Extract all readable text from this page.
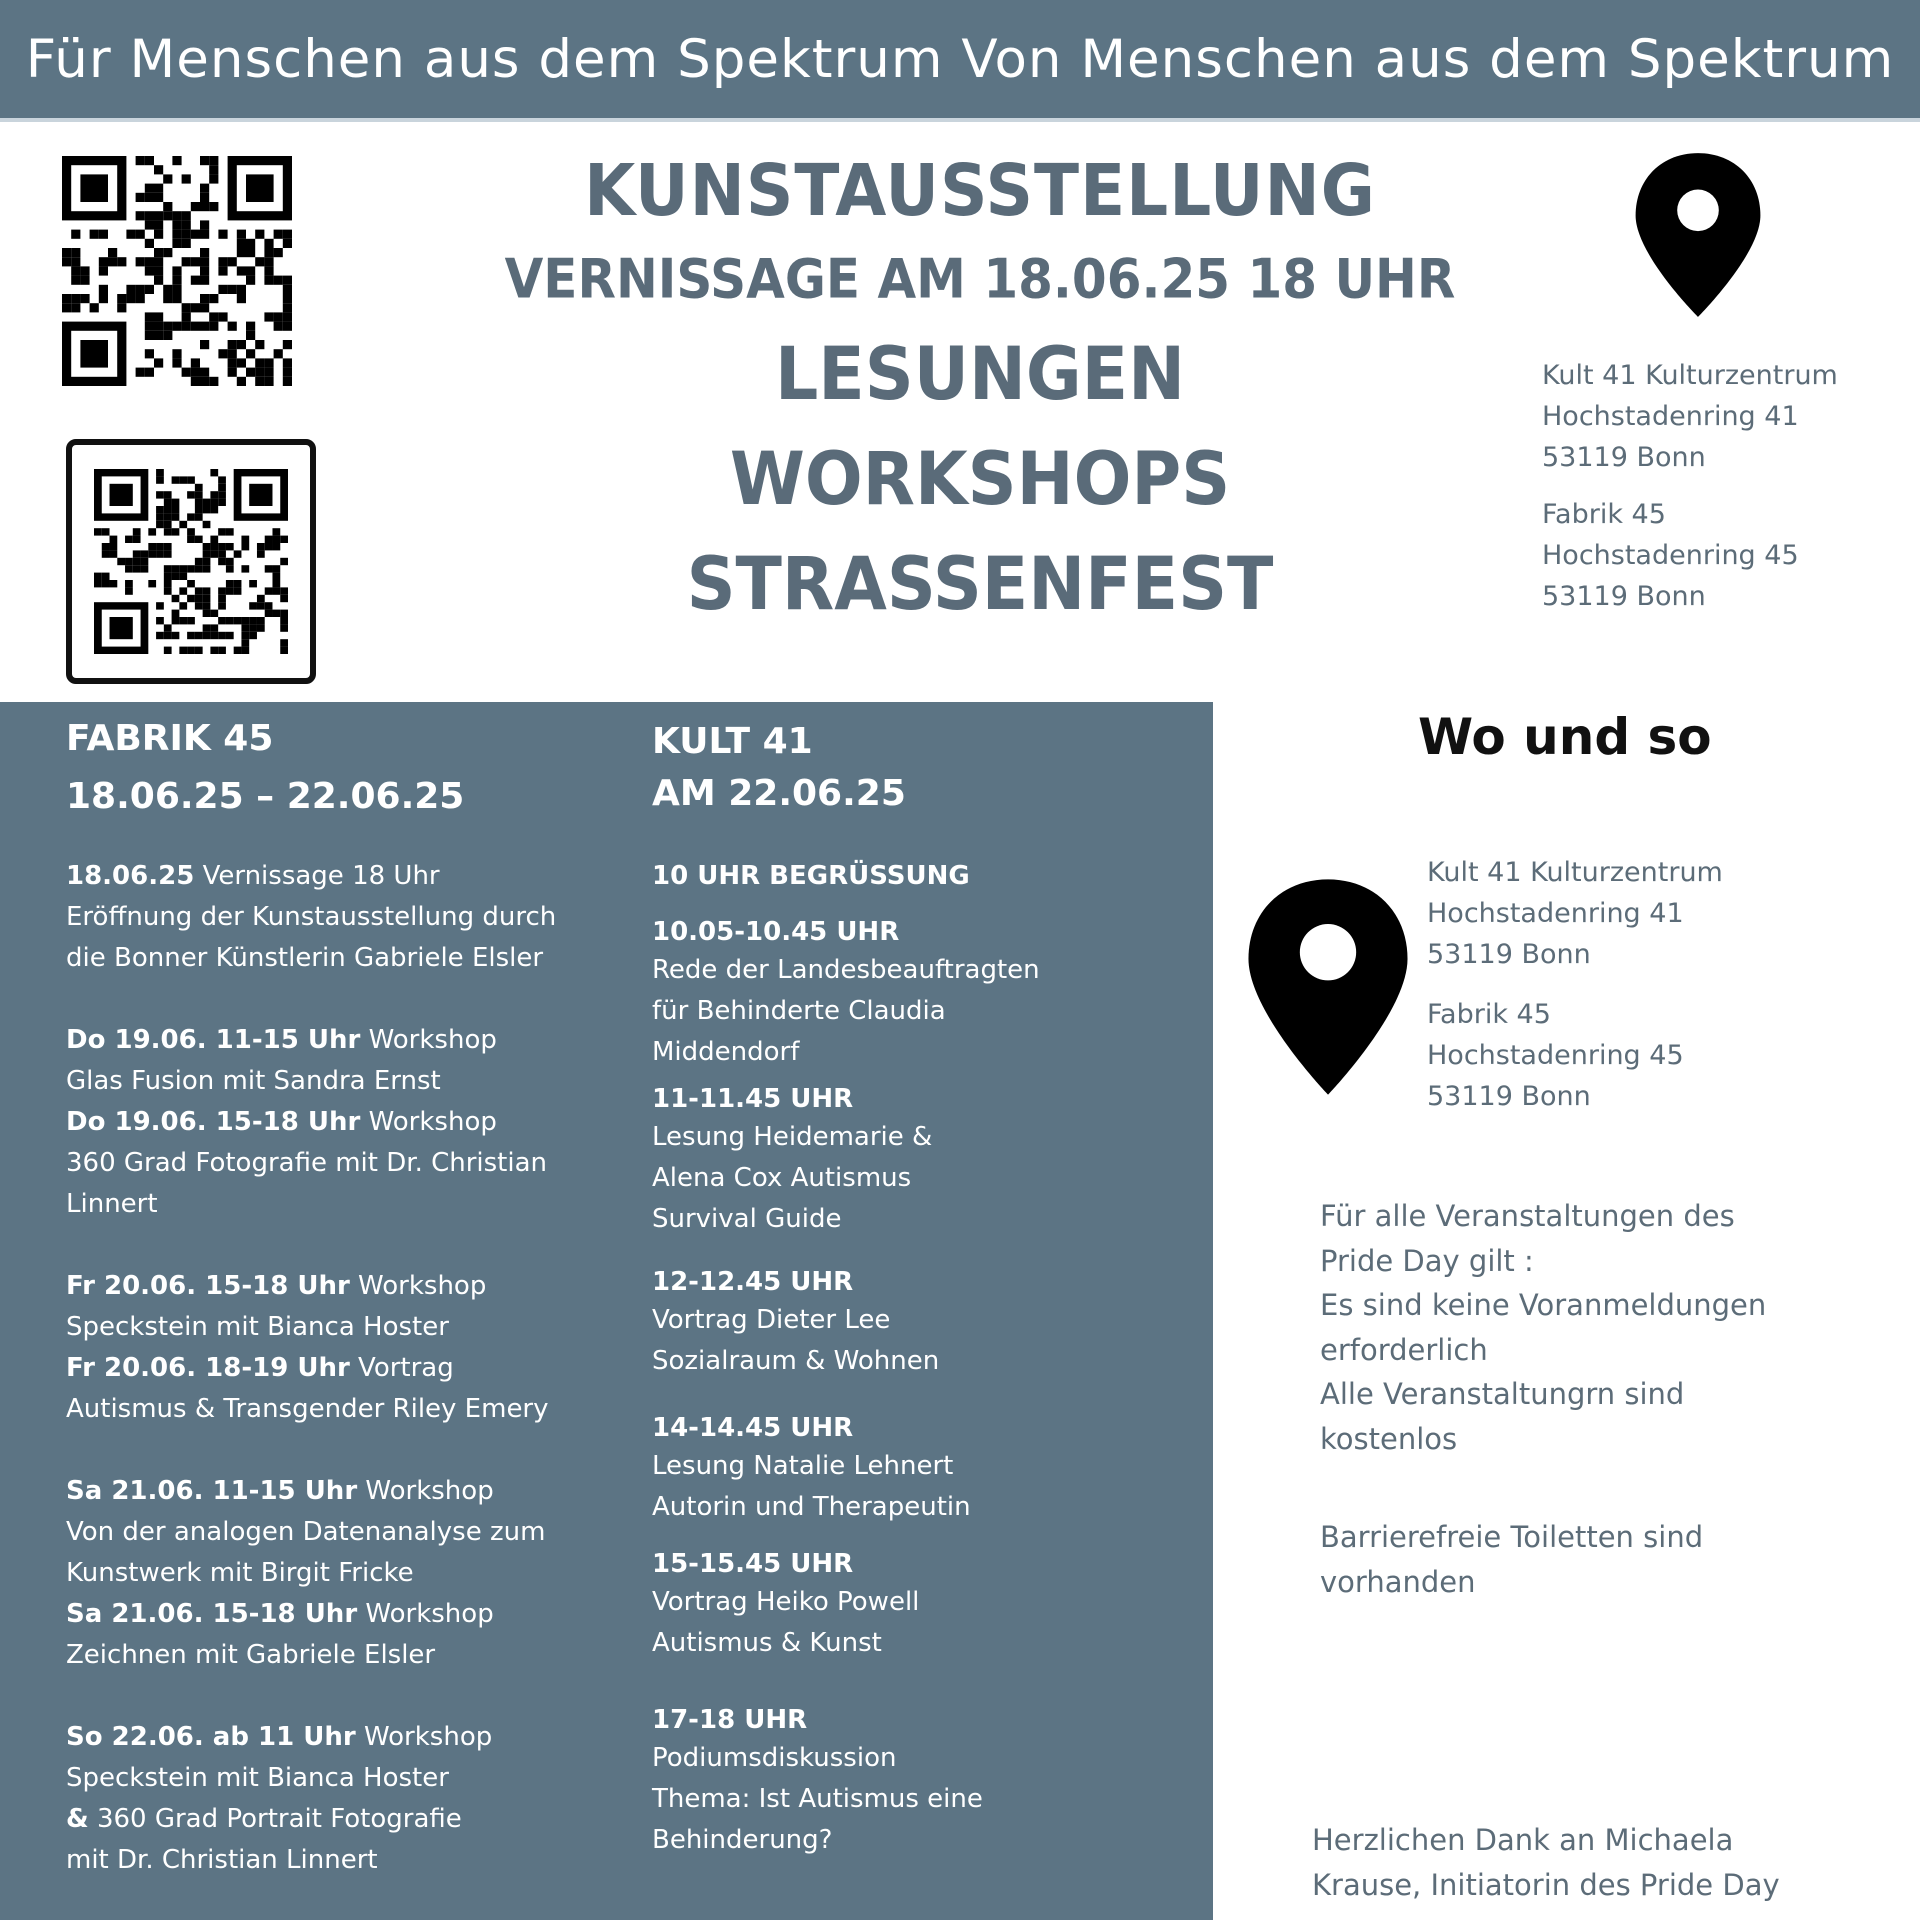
Für Menschen aus dem Spektrum Von Menschen aus dem Spektrum
KUNSTAUSSTELLUNG
VERNISSAGE AM 18.06.25 18 UHR
LESUNGEN
WORKSHOPS
STRASSENFEST
Kult 41 Kulturzentrum
Hochstadenring 41
53119 Bonn
Fabrik 45
Hochstadenring 45
53119 Bonn
FABRIK 45
18.06.25 – 22.06.25
18.06.25 Vernissage 18 Uhr
Eröffnung der Kunstausstellung durch
die Bonner Künstlerin Gabriele Elsler
Do 19.06. 11-15 Uhr Workshop
Glas Fusion mit Sandra Ernst
Do 19.06. 15-18 Uhr Workshop
360 Grad Fotografie mit Dr. Christian
Linnert
Fr 20.06. 15-18 Uhr Workshop
Speckstein mit Bianca Hoster
Fr 20.06. 18-19 Uhr Vortrag
Autismus & Transgender Riley Emery
Sa 21.06. 11-15 Uhr Workshop
Von der analogen Datenanalyse zum
Kunstwerk mit Birgit Fricke
Sa 21.06. 15-18 Uhr Workshop
Zeichnen mit Gabriele Elsler
So 22.06. ab 11 Uhr Workshop
Speckstein mit Bianca Hoster
& 360 Grad Portrait Fotografie
mit Dr. Christian Linnert
KULT 41
AM 22.06.25
10 UHR BEGRÜSSUNG
10.05-10.45 UHR
Rede der Landesbeauftragten
für Behinderte Claudia
Middendorf
11-11.45 UHR
Lesung Heidemarie &
Alena Cox Autismus
Survival Guide
12-12.45 UHR
Vortrag Dieter Lee
Sozialraum & Wohnen
14-14.45 UHR
Lesung Natalie Lehnert
Autorin und Therapeutin
15-15.45 UHR
Vortrag Heiko Powell
Autismus & Kunst
17-18 UHR
Podiumsdiskussion
Thema: Ist Autismus eine
Behinderung?
Wo und so
Kult 41 Kulturzentrum
Hochstadenring 41
53119 Bonn
Fabrik 45
Hochstadenring 45
53119 Bonn
Für alle Veranstaltungen des
Pride Day gilt :
Es sind keine Voranmeldungen
erforderlich
Alle Veranstaltungrn sind
kostenlos
Barrierefreie Toiletten sind
vorhanden
Herzlichen Dank an Michaela
Krause, Initiatorin des Pride Day
